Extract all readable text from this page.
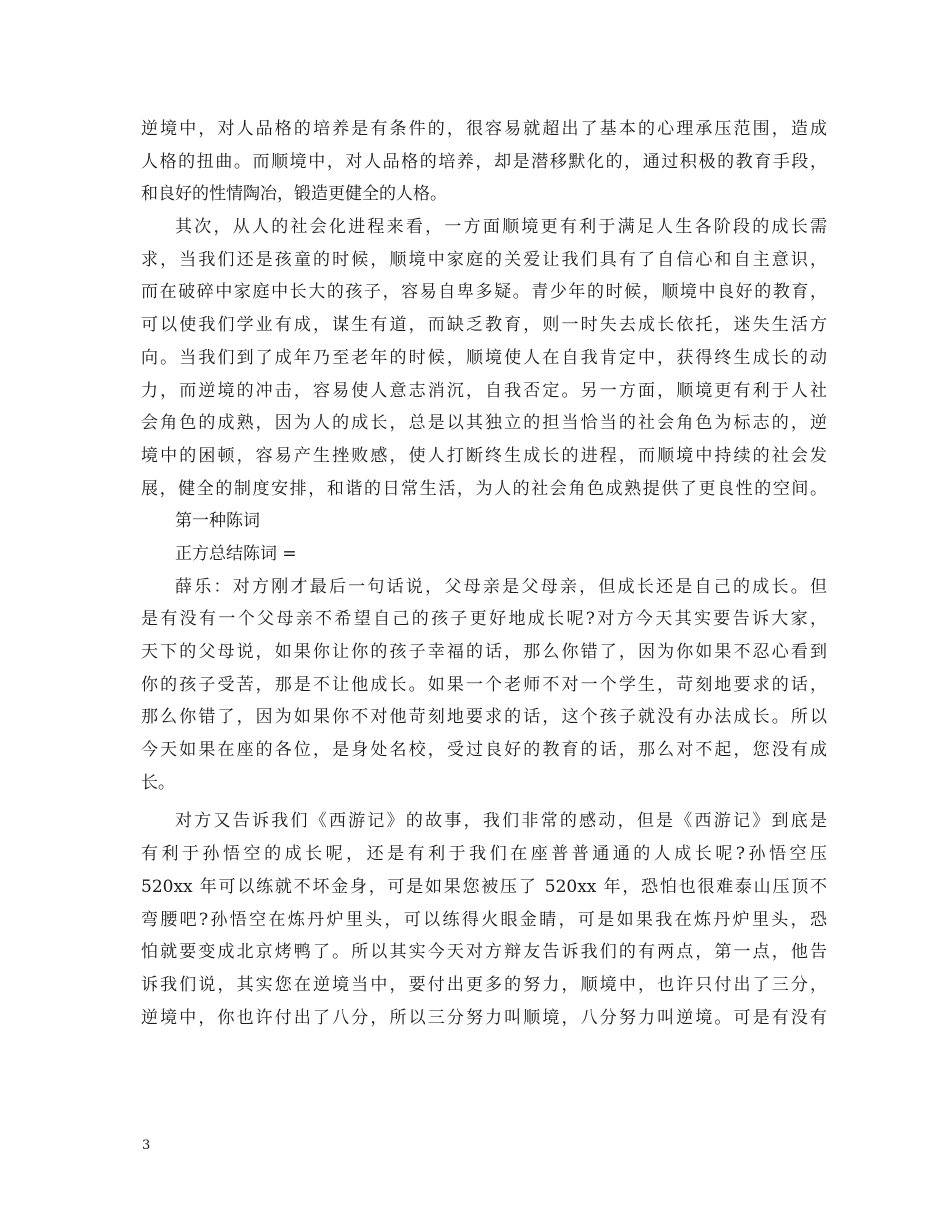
逆境中，对人品格的培养是有条件的，很容易就超出了基本的心理承压范围，造成
人格的扭曲。而顺境中，对人品格的培养，却是潜移默化的，通过积极的教育手段，
和良好的性情陶冶，锻造更健全的人格。
其次，从人的社会化进程来看，一方面顺境更有利于满足人生各阶段的成长需
求，当我们还是孩童的时候，顺境中家庭的关爱让我们具有了自信心和自主意识，
而在破碎中家庭中长大的孩子，容易自卑多疑。青少年的时候，顺境中良好的教育，
可以使我们学业有成，谋生有道，而缺乏教育，则一时失去成长依托，迷失生活方
向。当我们到了成年乃至老年的时候，顺境使人在自我肯定中，获得终生成长的动
力，而逆境的冲击，容易使人意志消沉，自我否定。另一方面，顺境更有利于人社
会角色的成熟，因为人的成长，总是以其独立的担当恰当的社会角色为标志的，逆
境中的困顿，容易产生挫败感，使人打断终生成长的进程，而顺境中持续的社会发
展，健全的制度安排，和谐的日常生活，为人的社会角色成熟提供了更良性的空间。
第一种陈词
正方总结陈词 =
薛乐：对方刚才最后一句话说，父母亲是父母亲，但成长还是自己的成长。但
是有没有一个父母亲不希望自己的孩子更好地成长呢?对方今天其实要告诉大家，
天下的父母说，如果你让你的孩子幸福的话，那么你错了，因为你如果不忍心看到
你的孩子受苦，那是不让他成长。如果一个老师不对一个学生，苛刻地要求的话，
那么你错了，因为如果你不对他苛刻地要求的话，这个孩子就没有办法成长。所以
今天如果在座的各位，是身处名校，受过良好的教育的话，那么对不起，您没有成
长。
对方又告诉我们《西游记》的故事，我们非常的感动，但是《西游记》到底是
有利于孙悟空的成长呢，还是有利于我们在座普普通通的人成长呢?孙悟空压
520xx 年可以练就不坏金身，可是如果您被压了 520xx 年，恐怕也很难泰山压顶不
弯腰吧?孙悟空在炼丹炉里头，可以练得火眼金睛，可是如果我在炼丹炉里头，恐
怕就要变成北京烤鸭了。所以其实今天对方辩友告诉我们的有两点，第一点，他告
诉我们说，其实您在逆境当中，要付出更多的努力，顺境中，也许只付出了三分，
逆境中，你也许付出了八分，所以三分努力叫顺境，八分努力叫逆境。可是有没有
3
